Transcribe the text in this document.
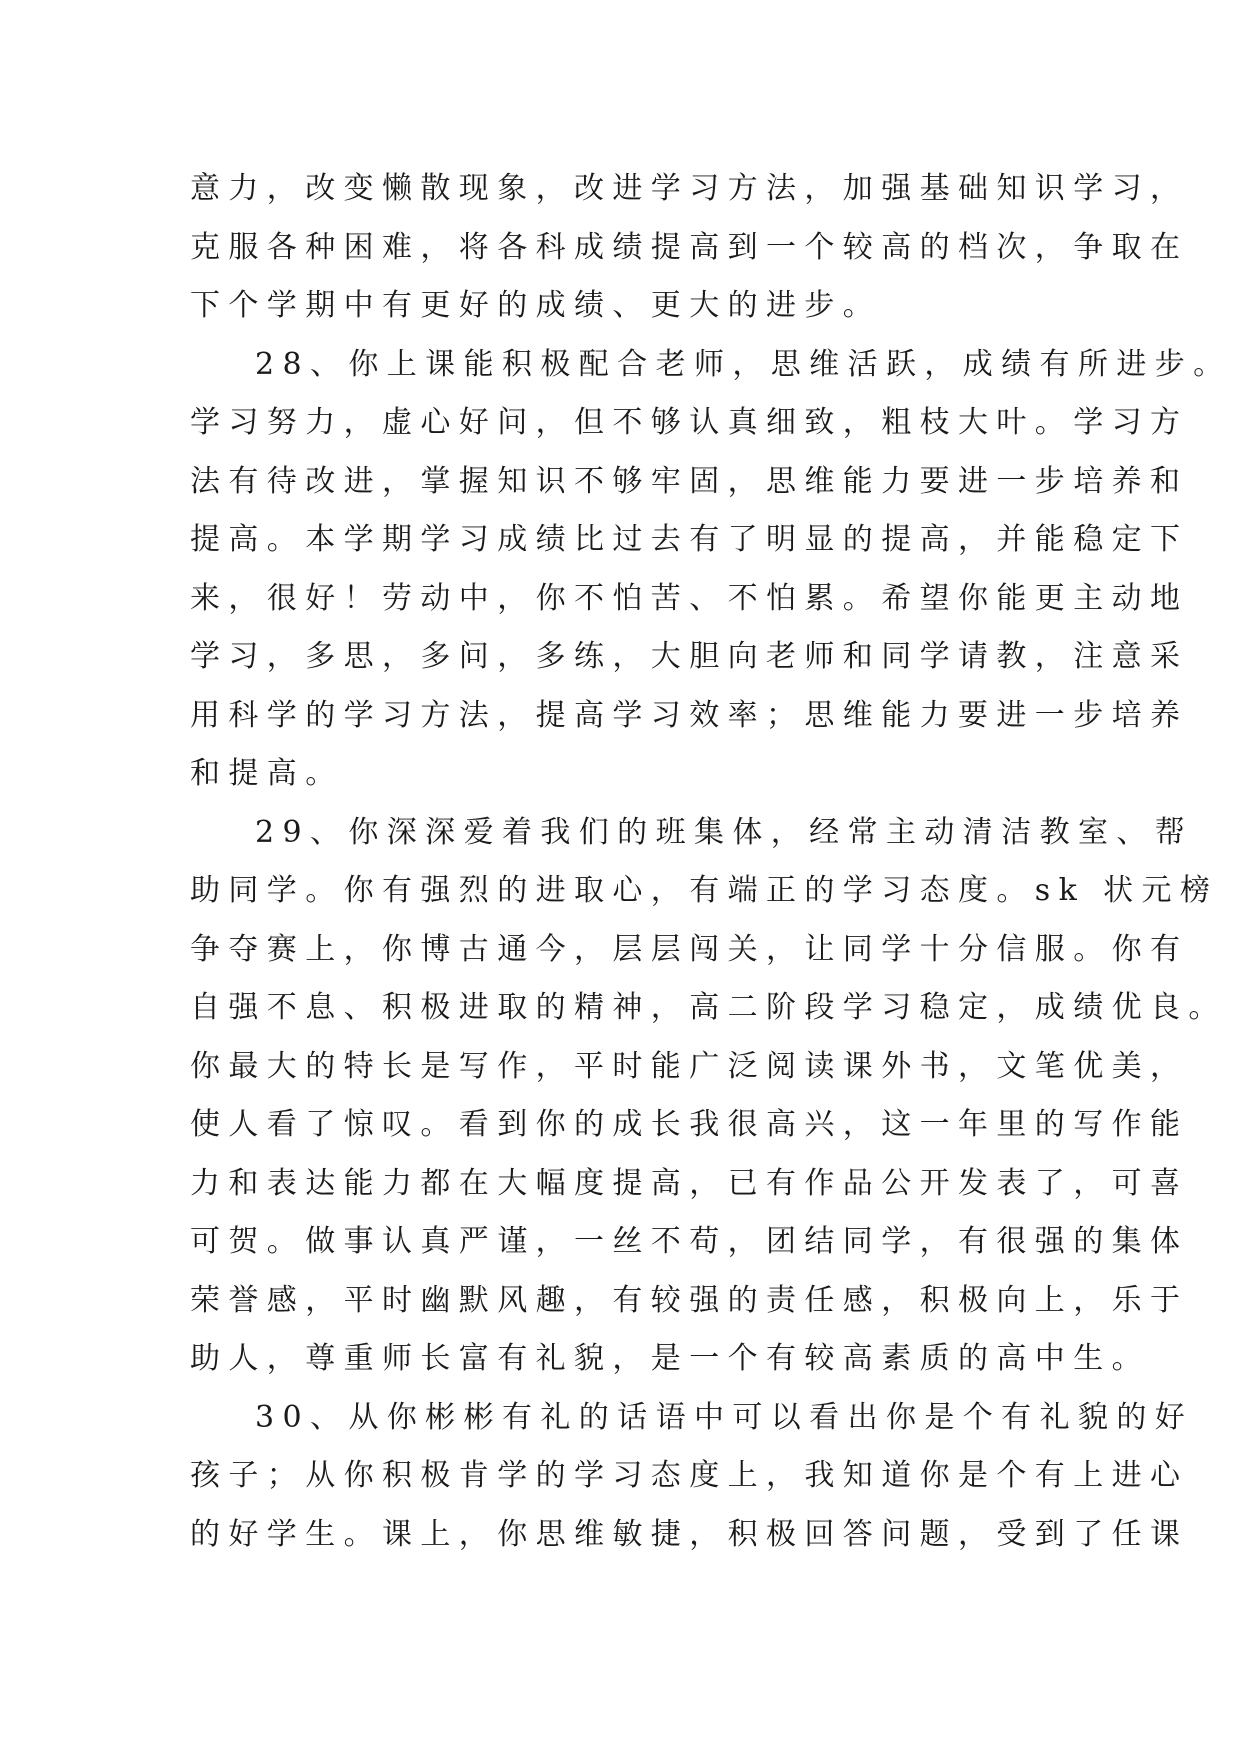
意力，改变懒散现象，改进学习方法，加强基础知识学习，
克服各种困难，将各科成绩提高到一个较高的档次，争取在
下个学期中有更好的成绩、更大的进步。
28、你上课能积极配合老师，思维活跃，成绩有所进步。
学习努力，虚心好问，但不够认真细致，粗枝大叶。学习方
法有待改进，掌握知识不够牢固，思维能力要进一步培养和
提高。本学期学习成绩比过去有了明显的提高，并能稳定下
来，很好！劳动中，你不怕苦、不怕累。希望你能更主动地
学习，多思，多问，多练，大胆向老师和同学请教，注意采
用科学的学习方法，提高学习效率；思维能力要进一步培养
和提高。
29、你深深爱着我们的班集体，经常主动清洁教室、帮
助同学。你有强烈的进取心，有端正的学习态度。sk 状元榜
争夺赛上，你博古通今，层层闯关，让同学十分信服。你有
自强不息、积极进取的精神，高二阶段学习稳定，成绩优良。
你最大的特长是写作，平时能广泛阅读课外书，文笔优美，
使人看了惊叹。看到你的成长我很高兴，这一年里的写作能
力和表达能力都在大幅度提高，已有作品公开发表了，可喜
可贺。做事认真严谨，一丝不苟，团结同学，有很强的集体
荣誉感，平时幽默风趣，有较强的责任感，积极向上，乐于
助人，尊重师长富有礼貌，是一个有较高素质的高中生。
30、从你彬彬有礼的话语中可以看出你是个有礼貌的好
孩子；从你积极肯学的学习态度上，我知道你是个有上进心
的好学生。课上，你思维敏捷，积极回答问题，受到了任课
